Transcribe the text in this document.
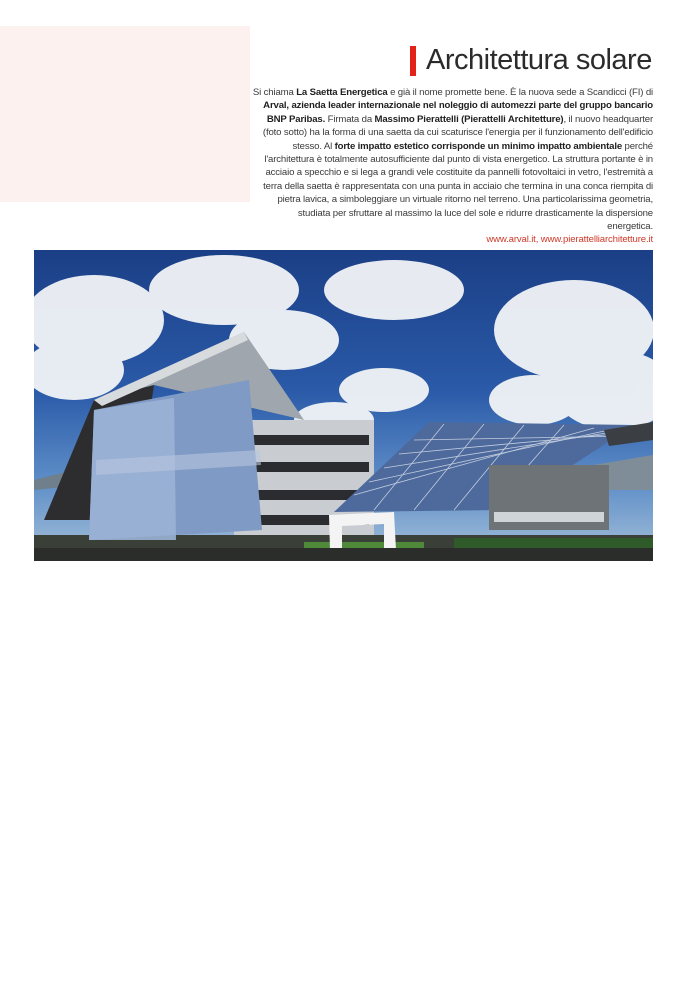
Architettura solare
Si chiama La Saetta Energetica e già il nome promette bene. È la nuova sede a Scandicci (FI) di Arval, azienda leader internazionale nel noleggio di automezzi parte del gruppo bancario BNP Paribas. Firmata da Massimo Pierattelli (Pierattelli Architetture), il nuovo headquarter (foto sotto) ha la forma di una saetta da cui scaturisce l'energia per il funzionamento dell'edificio stesso. Al forte impatto estetico corrisponde un minimo impatto ambientale perché l'architettura è totalmente autosufficiente dal punto di vista energetico. La struttura portante è in acciaio a specchio e si lega a grandi vele costituite da pannelli fotovoltaici in vetro, l'estremità a terra della saetta è rappresentata con una punta in acciaio che termina in una conca riempita di pietra lavica, a simboleggiare un virtuale ritorno nel terreno. Una particolarissima geometria, studiata per sfruttare al massimo la luce del sole e ridurre drasticamente la dispersione energetica.
www.arval.it, www.pierattelliarchitetture.it
